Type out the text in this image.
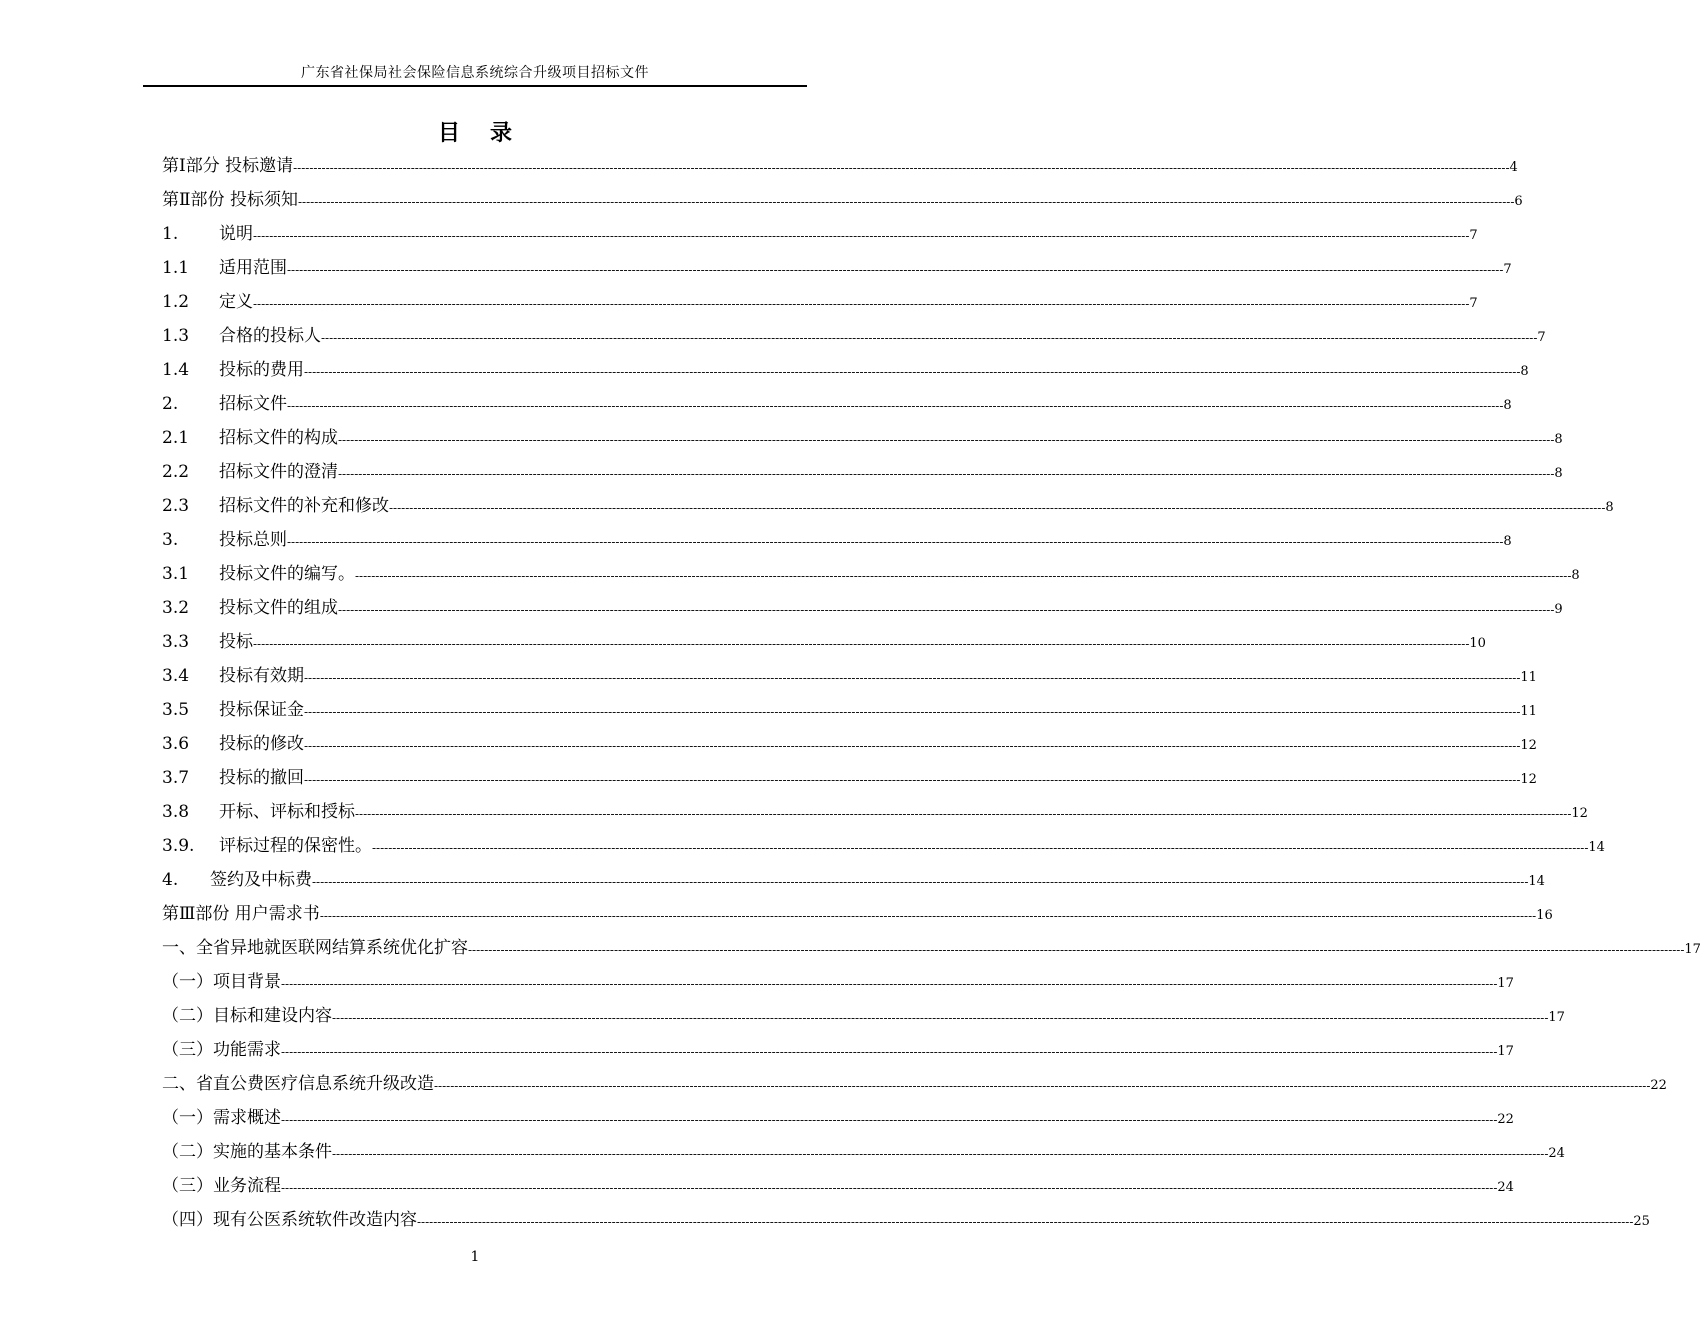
广东省社保局社会保险信息系统综合升级项目招标文件
目录
第Ⅰ部分 投标邀请 ------------------------------------------------------------------------------------------------------------------------------------------------------------------------------------------------------------------------------------------------------------------------------------------------------------ 4
第Ⅱ部份 投标须知 ------------------------------------------------------------------------------------------------------------------------------------------------------------------------------------------------------------------------------------------------------------------------------------------------------------ 6
1.	说明 ------------------------------------------------------------------------------------------------------------------------------------------------------------------------------------------------------------------------------------------------------------------------------------------------------------ 7
1.1	适用范围 ------------------------------------------------------------------------------------------------------------------------------------------------------------------------------------------------------------------------------------------------------------------------------------------------------------ 7
1.2	定义 ------------------------------------------------------------------------------------------------------------------------------------------------------------------------------------------------------------------------------------------------------------------------------------------------------------ 7
1.3	合格的投标人 ------------------------------------------------------------------------------------------------------------------------------------------------------------------------------------------------------------------------------------------------------------------------------------------------------------ 7
1.4	投标的费用 ------------------------------------------------------------------------------------------------------------------------------------------------------------------------------------------------------------------------------------------------------------------------------------------------------------ 8
2.	招标文件 ------------------------------------------------------------------------------------------------------------------------------------------------------------------------------------------------------------------------------------------------------------------------------------------------------------ 8
2.1	招标文件的构成 ------------------------------------------------------------------------------------------------------------------------------------------------------------------------------------------------------------------------------------------------------------------------------------------------------------ 8
2.2	招标文件的澄清 ------------------------------------------------------------------------------------------------------------------------------------------------------------------------------------------------------------------------------------------------------------------------------------------------------------ 8
2.3	招标文件的补充和修改 ------------------------------------------------------------------------------------------------------------------------------------------------------------------------------------------------------------------------------------------------------------------------------------------------------------ 8
3.	投标总则 ------------------------------------------------------------------------------------------------------------------------------------------------------------------------------------------------------------------------------------------------------------------------------------------------------------ 8
3.1	投标文件的编写。 ------------------------------------------------------------------------------------------------------------------------------------------------------------------------------------------------------------------------------------------------------------------------------------------------------------ 8
3.2	投标文件的组成 ------------------------------------------------------------------------------------------------------------------------------------------------------------------------------------------------------------------------------------------------------------------------------------------------------------ 9
3.3	投标 ------------------------------------------------------------------------------------------------------------------------------------------------------------------------------------------------------------------------------------------------------------------------------------------------------------ 10
3.4	投标有效期 ------------------------------------------------------------------------------------------------------------------------------------------------------------------------------------------------------------------------------------------------------------------------------------------------------------ 11
3.5	投标保证金 ------------------------------------------------------------------------------------------------------------------------------------------------------------------------------------------------------------------------------------------------------------------------------------------------------------ 11
3.6	投标的修改 ------------------------------------------------------------------------------------------------------------------------------------------------------------------------------------------------------------------------------------------------------------------------------------------------------------ 12
3.7	投标的撤回 ------------------------------------------------------------------------------------------------------------------------------------------------------------------------------------------------------------------------------------------------------------------------------------------------------------ 12
3.8	开标、评标和授标 ------------------------------------------------------------------------------------------------------------------------------------------------------------------------------------------------------------------------------------------------------------------------------------------------------------ 12
3.9.	评标过程的保密性。 ------------------------------------------------------------------------------------------------------------------------------------------------------------------------------------------------------------------------------------------------------------------------------------------------------------ 14
4.	签约及中标费 ------------------------------------------------------------------------------------------------------------------------------------------------------------------------------------------------------------------------------------------------------------------------------------------------------------ 14
第Ⅲ部份 用户需求书 ------------------------------------------------------------------------------------------------------------------------------------------------------------------------------------------------------------------------------------------------------------------------------------------------------------ 16
一、全省异地就医联网结算系统优化扩容 ------------------------------------------------------------------------------------------------------------------------------------------------------------------------------------------------------------------------------------------------------------------------------------------------------------ 17
（一）项目背景 ------------------------------------------------------------------------------------------------------------------------------------------------------------------------------------------------------------------------------------------------------------------------------------------------------------ 17
（二）目标和建设内容 ------------------------------------------------------------------------------------------------------------------------------------------------------------------------------------------------------------------------------------------------------------------------------------------------------------ 17
（三）功能需求 ------------------------------------------------------------------------------------------------------------------------------------------------------------------------------------------------------------------------------------------------------------------------------------------------------------ 17
二、省直公费医疗信息系统升级改造 ------------------------------------------------------------------------------------------------------------------------------------------------------------------------------------------------------------------------------------------------------------------------------------------------------------ 22
（一）需求概述 ------------------------------------------------------------------------------------------------------------------------------------------------------------------------------------------------------------------------------------------------------------------------------------------------------------ 22
（二）实施的基本条件 ------------------------------------------------------------------------------------------------------------------------------------------------------------------------------------------------------------------------------------------------------------------------------------------------------------ 24
（三）业务流程 ------------------------------------------------------------------------------------------------------------------------------------------------------------------------------------------------------------------------------------------------------------------------------------------------------------ 24
（四）现有公医系统软件改造内容 ------------------------------------------------------------------------------------------------------------------------------------------------------------------------------------------------------------------------------------------------------------------------------------------------------------ 25
1
